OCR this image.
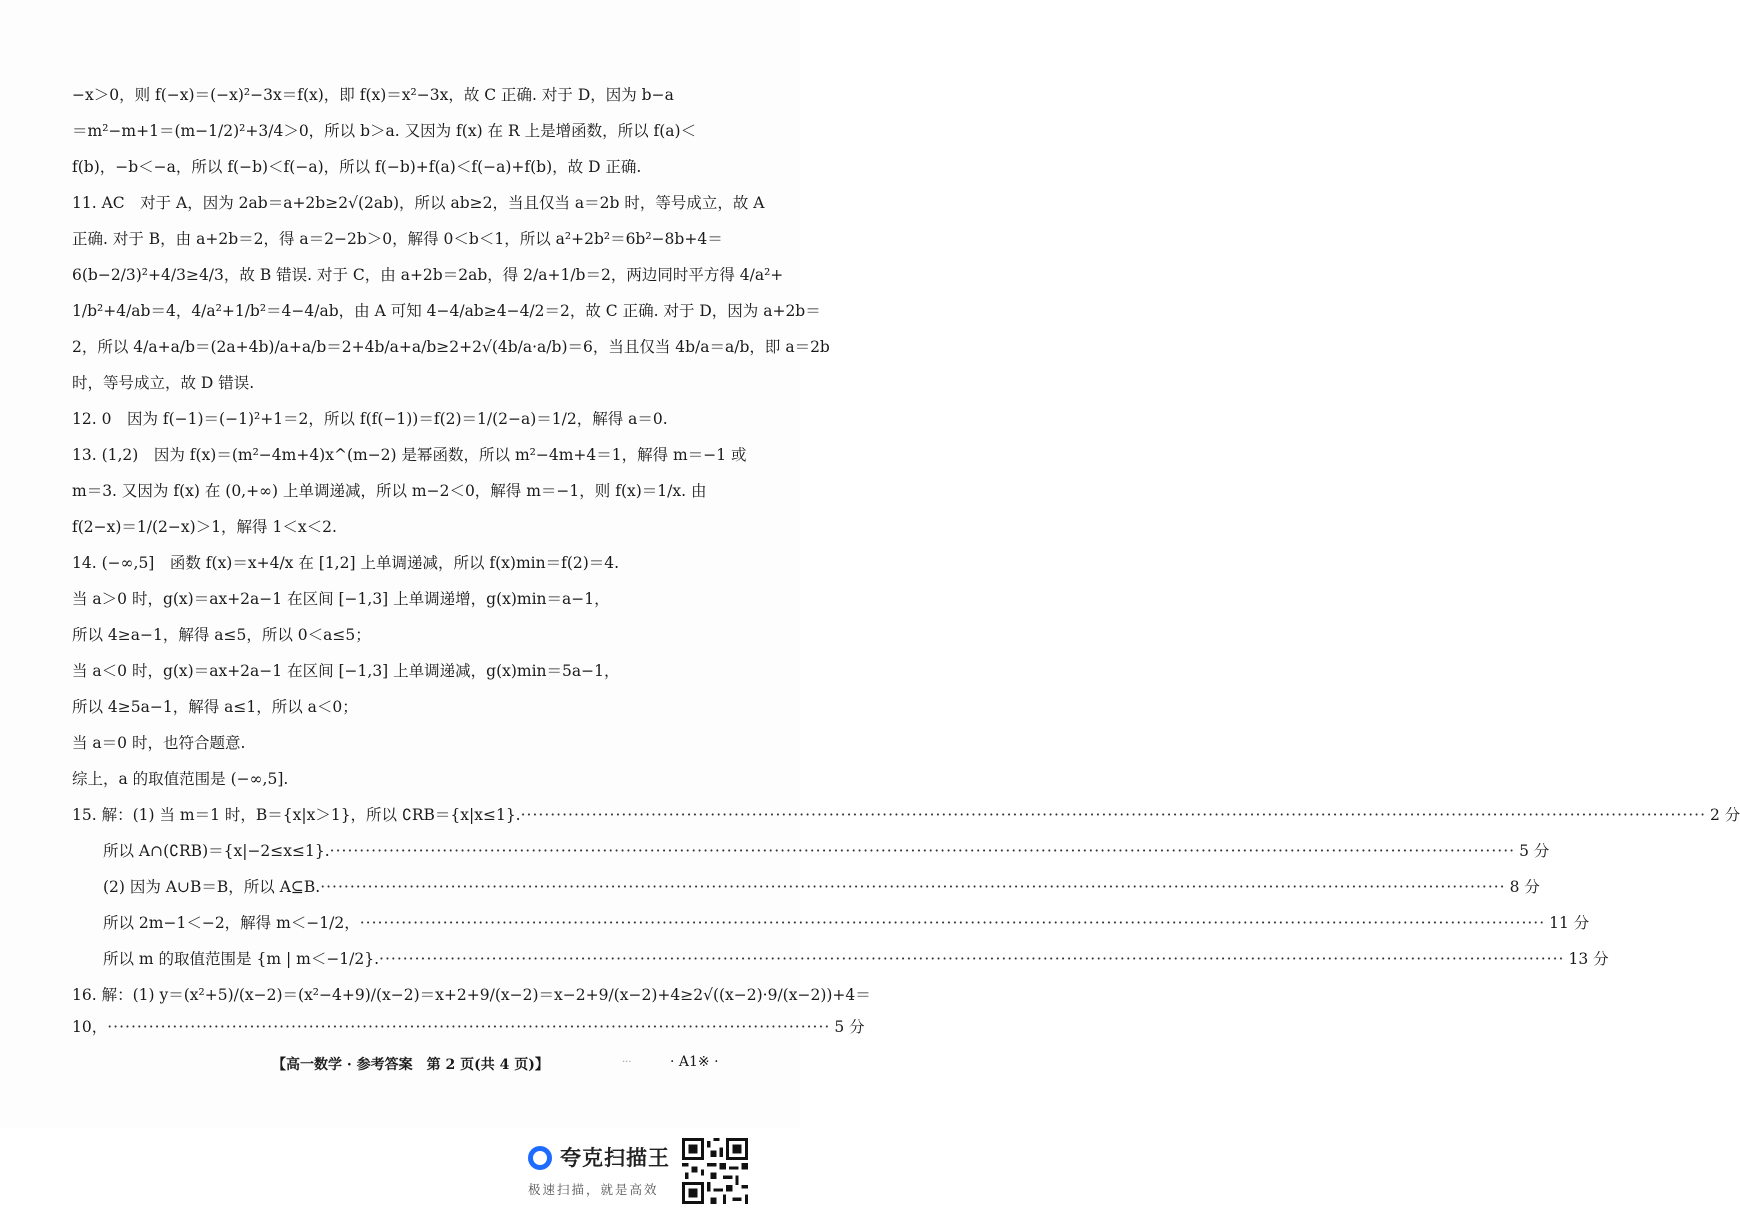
−x＞0，则 f(−x)＝(−x)²−3x＝f(x)，即 f(x)＝x²−3x，故 C 正确. 对于 D，因为 b−a
＝m²−m+1＝(m−1/2)²+3/4＞0，所以 b＞a. 又因为 f(x) 在 R 上是增函数，所以 f(a)＜
f(b)，−b＜−a，所以 f(−b)＜f(−a)，所以 f(−b)+f(a)＜f(−a)+f(b)，故 D 正确.
11. AC　对于 A，因为 2ab＝a+2b≥2√(2ab)，所以 ab≥2，当且仅当 a＝2b 时，等号成立，故 A
正确. 对于 B，由 a+2b＝2，得 a＝2−2b＞0，解得 0＜b＜1，所以 a²+2b²＝6b²−8b+4＝
6(b−2/3)²+4/3≥4/3，故 B 错误. 对于 C，由 a+2b＝2ab，得 2/a+1/b＝2，两边同时平方得 4/a²+
1/b²+4/ab＝4，4/a²+1/b²＝4−4/ab，由 A 可知 4−4/ab≥4−4/2＝2，故 C 正确. 对于 D，因为 a+2b＝
2，所以 4/a+a/b＝(2a+4b)/a+a/b＝2+4b/a+a/b≥2+2√(4b/a·a/b)＝6，当且仅当 4b/a＝a/b，即 a＝2b
时，等号成立，故 D 错误.
12. 0　因为 f(−1)＝(−1)²+1＝2，所以 f(f(−1))＝f(2)＝1/(2−a)＝1/2，解得 a＝0.
13. (1,2)　因为 f(x)＝(m²−4m+4)x^(m−2) 是幂函数，所以 m²−4m+4＝1，解得 m＝−1 或
m＝3. 又因为 f(x) 在 (0,+∞) 上单调递减，所以 m−2＜0，解得 m＝−1，则 f(x)＝1/x. 由
f(2−x)＝1/(2−x)＞1，解得 1＜x＜2.
14. (−∞,5]　函数 f(x)＝x+4/x 在 [1,2] 上单调递减，所以 f(x)min＝f(2)＝4.
当 a＞0 时，g(x)＝ax+2a−1 在区间 [−1,3] 上单调递增，g(x)min＝a−1，
所以 4≥a−1，解得 a≤5，所以 0＜a≤5；
当 a＜0 时，g(x)＝ax+2a−1 在区间 [−1,3] 上单调递减，g(x)min＝5a−1，
所以 4≥5a−1，解得 a≤1，所以 a＜0；
当 a＝0 时，也符合题意.
综上，a 的取值范围是 (−∞,5].
15. 解：(1) 当 m＝1 时，B＝{x|x＞1}，所以 ∁RB＝{x|x≤1}. ········································································································································································································ 2 分
　　所以 A∩(∁RB)＝{x|−2≤x≤1}. ········································································································································································································ 5 分
　　(2) 因为 A∪B＝B，所以 A⊆B. ········································································································································································································ 8 分
　　所以 2m−1＜−2，解得 m＜−1/2， ········································································································································································································ 11 分
　　所以 m 的取值范围是 {m | m＜−1/2}. ········································································································································································································ 13 分
16. 解：(1) y＝(x²+5)/(x−2)＝(x²−4+9)/(x−2)＝x+2+9/(x−2)＝x−2+9/(x−2)+4≥2√((x−2)·9/(x−2))+4＝
10， ·························································································································· 5 分
【高一数学 · 参考答案　第 2 页(共 4 页)】	...	· A1※ ·
夸克扫描王
极速扫描，就是高效
